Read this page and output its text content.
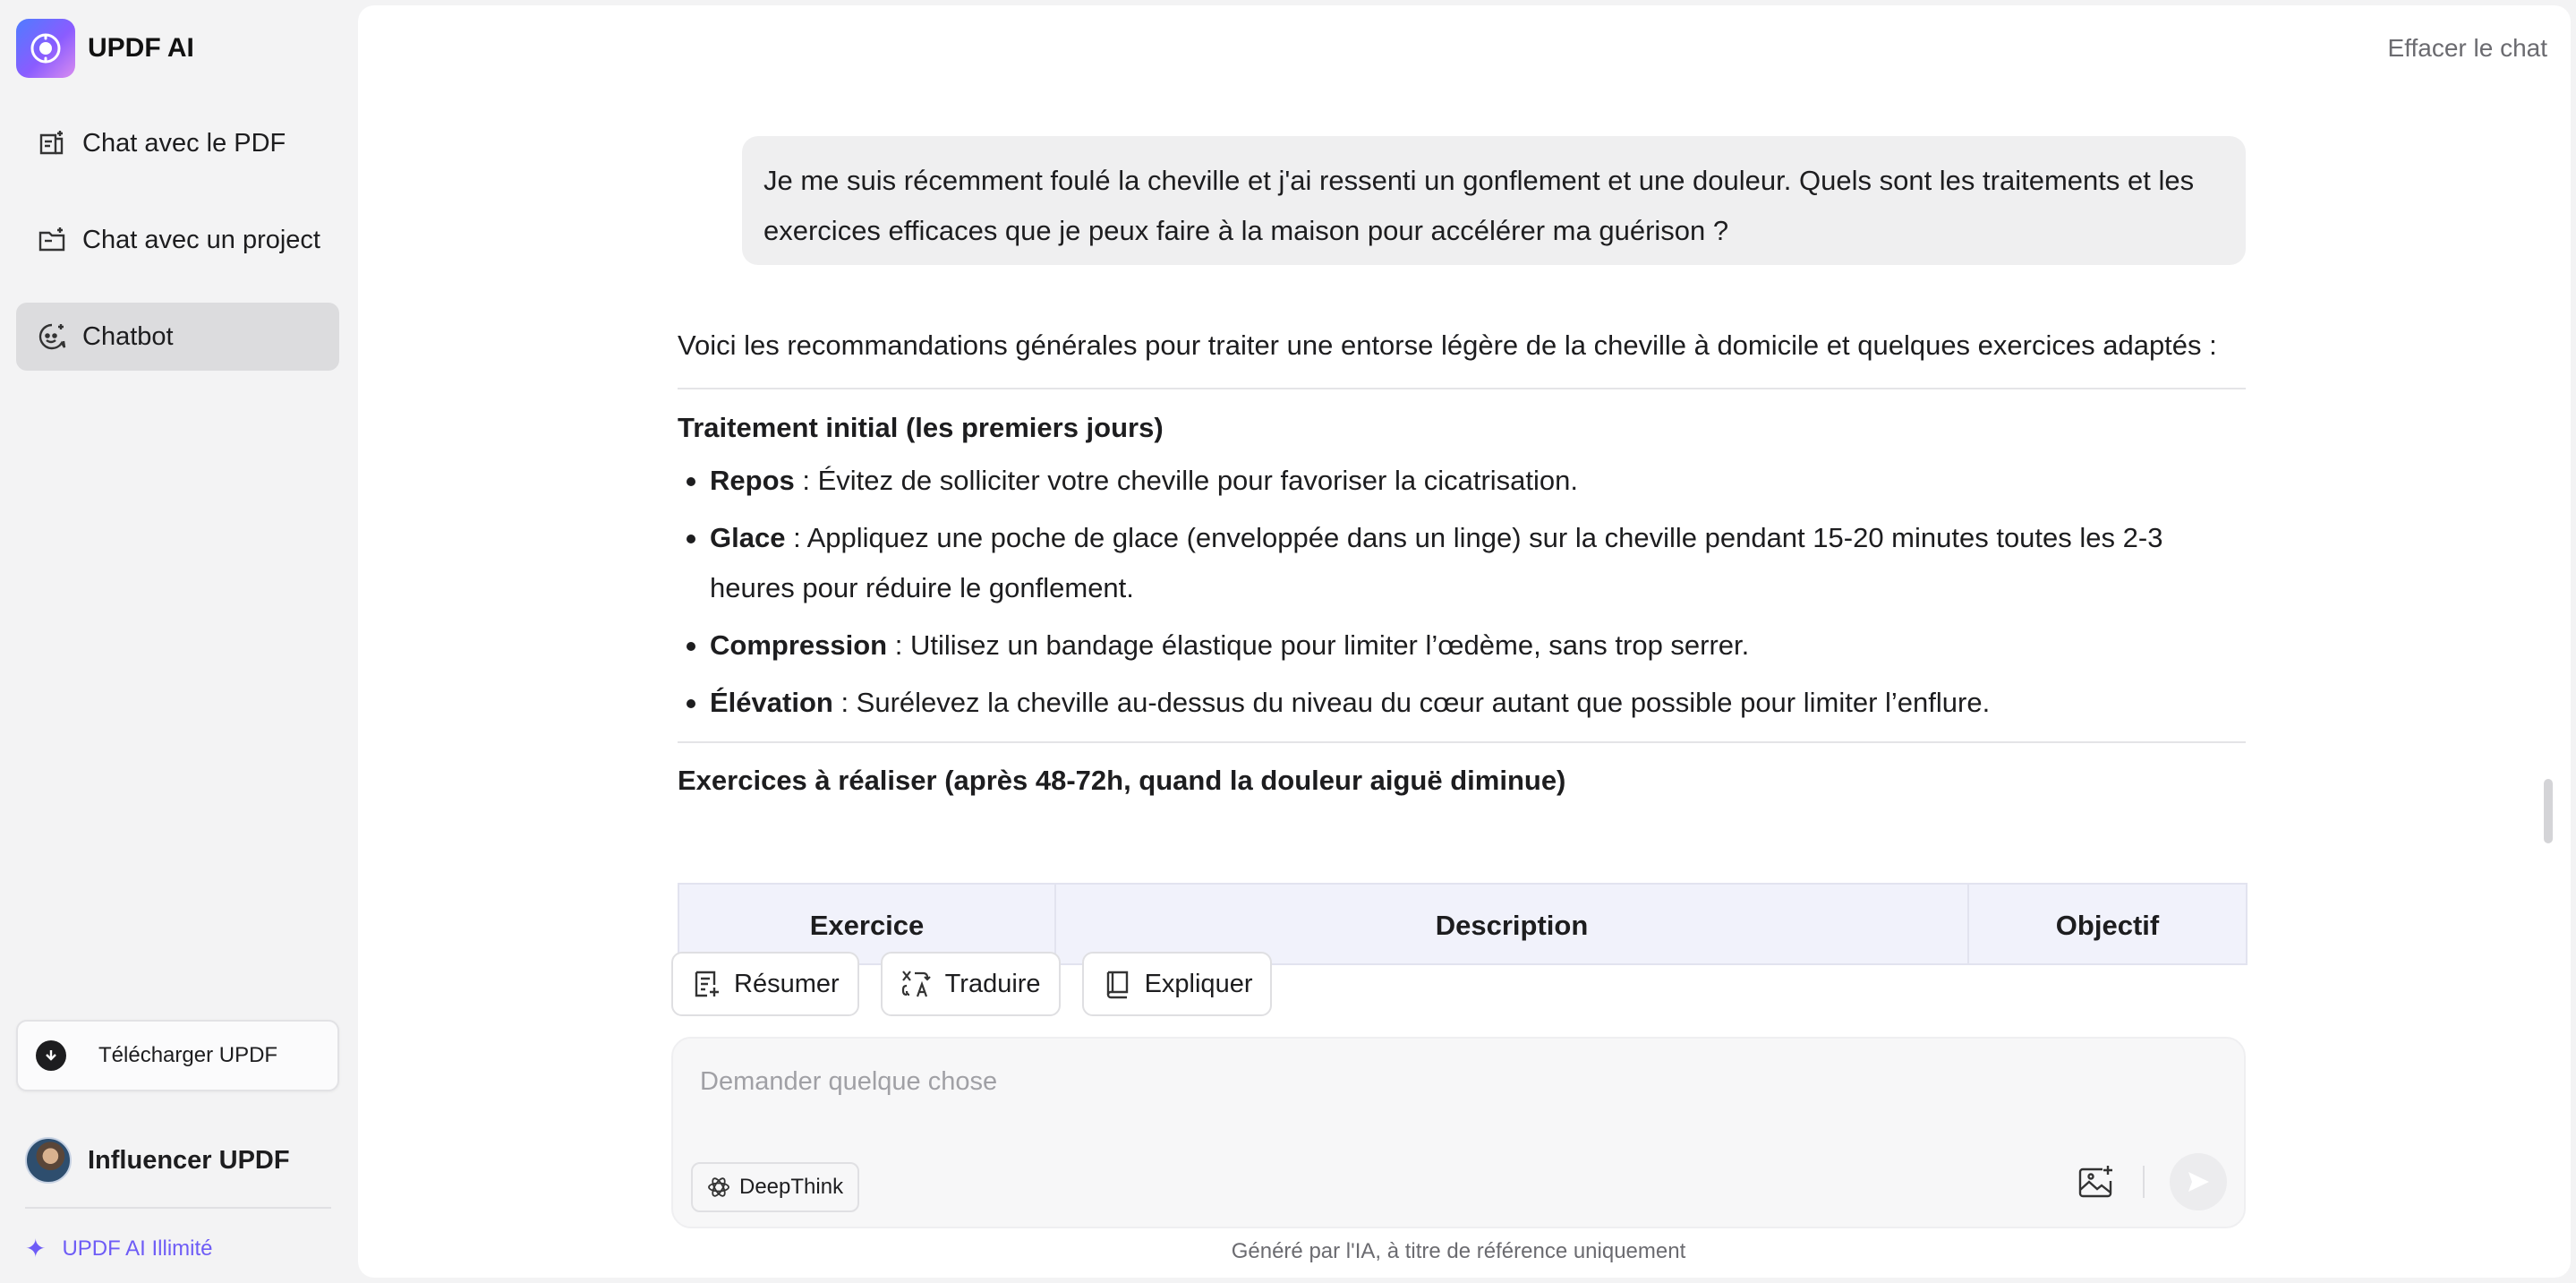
UPDF AI
Chat avec le PDF
Chat avec un project
Chatbot
Télécharger UPDF
Influencer UPDF
✦ UPDF AI Illimité
Effacer le chat
Je me suis récemment foulé la cheville et j'ai ressenti un gonflement et une douleur. Quels sont les traitements et les exercices efficaces que je peux faire à la maison pour accélérer ma guérison ?

Voici les recommandations générales pour traiter une entorse légère de la cheville à domicile et quelques exercices adaptés :

Traitement initial (les premiers jours)
Repos : Évitez de solliciter votre cheville pour favoriser la cicatrisation.
Glace : Appliquez une poche de glace (enveloppée dans un linge) sur la cheville pendant 15-20 minutes toutes les 2-3 heures pour réduire le gonflement.
Compression : Utilisez un bandage élastique pour limiter l’œdème, sans trop serrer.
Élévation : Surélevez la cheville au-dessus du niveau du cœur autant que possible pour limiter l’enflure.
Exercices à réaliser (après 48-72h, quand la douleur aiguë diminue)
Exercice	Description	Objectif
Résumer	Traduire	Expliquer
Demander quelque chose
DeepThink
Généré par l'IA, à titre de référence uniquement
